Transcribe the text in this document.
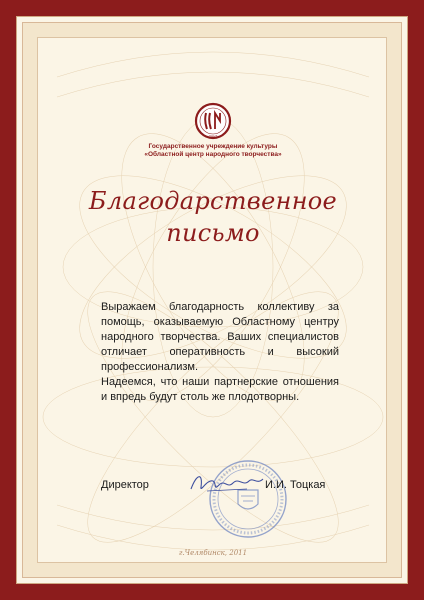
ОЦНТ
Государственное учреждение культуры
«Областной центр народного творчества»
Благодарственное
письмо

Выражаем благодарность коллективу за помощь, оказываемую Областному центру народного творчества. Ваших специалистов отличает оперативность и высокий профессионализм.

Надеемся, что наши партнерские отношения и впредь будут столь же плодотворны.

Директор	И.И. Тоцкая
г.Челябинск, 2011
